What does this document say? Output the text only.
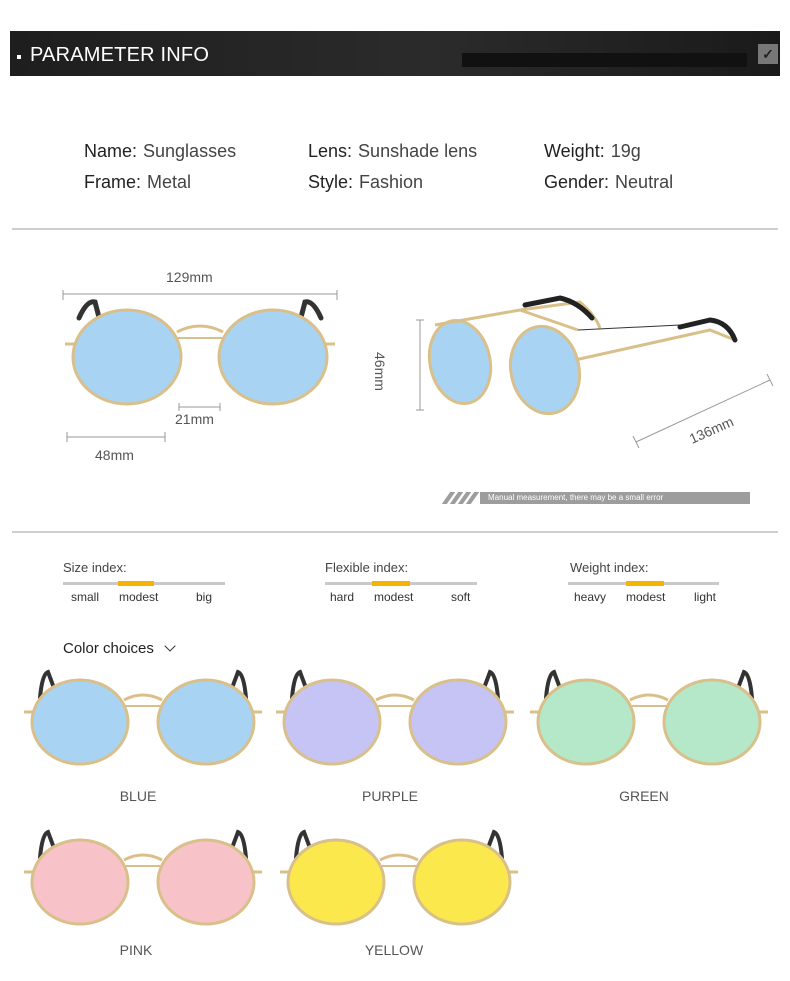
PARAMETER INFO	✓
Name: Sunglasses	Lens: Sunshade lens	Weight: 19g
Frame: Metal	Style: Fashion	Gender: Neutral
129mm
21mm
48mm
46mm
136mm
Manual measurement, there may be a small error
Size index:
small modest	big
Flexible index:
hard modest	soft
Weight index:
heavy modest light
Color choices
BLUE	PURPLE	GREEN
PINK	YELLOW
